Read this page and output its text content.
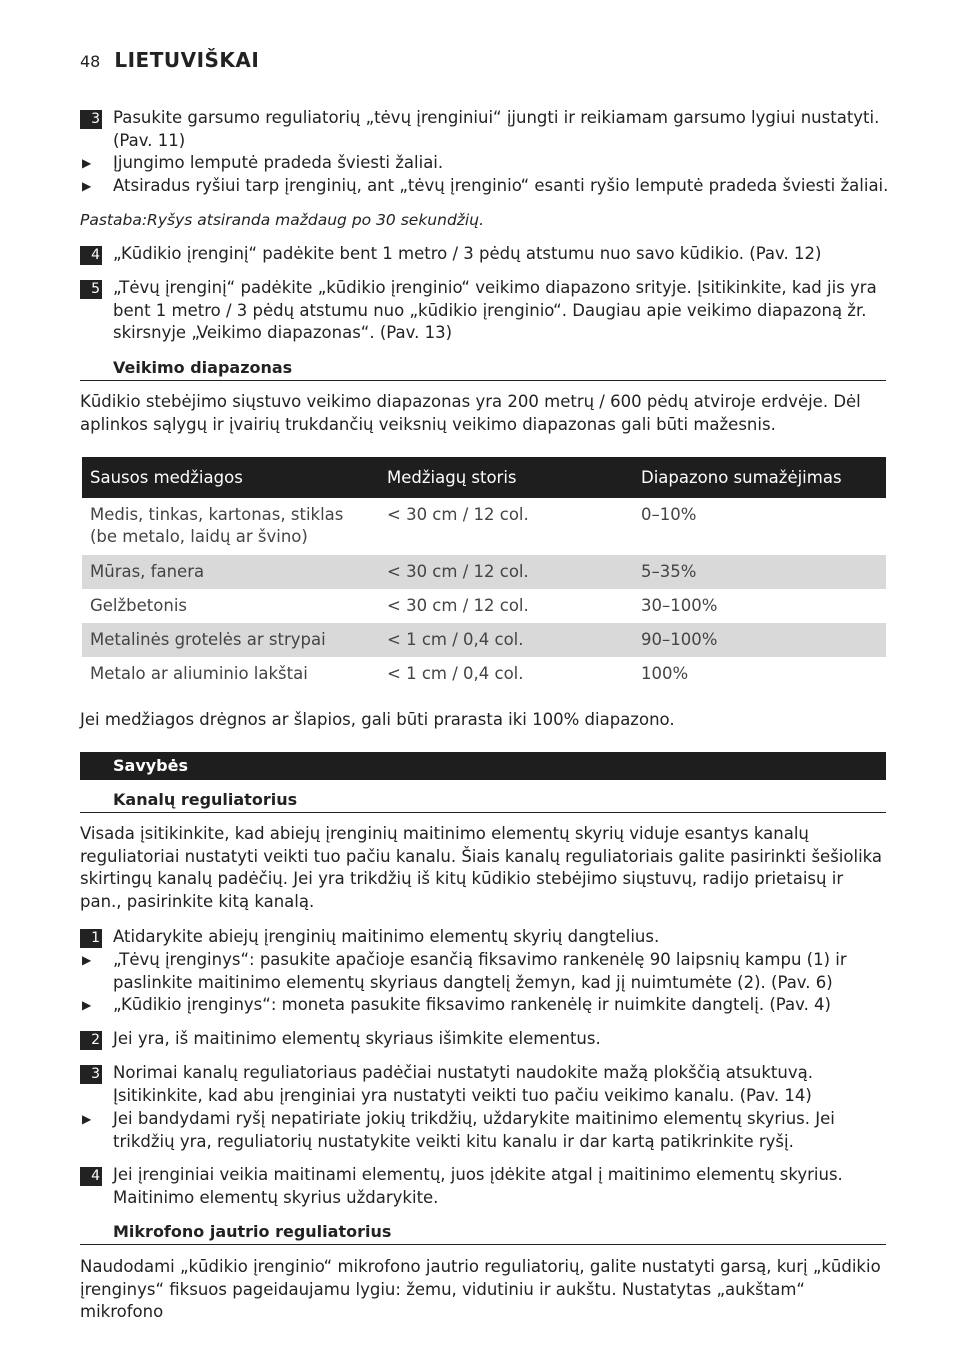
48 LIETUVIŠKAI
3 Pasukite garsumo reguliatorių „tėvų įrenginiui“ įjungti ir reikiamam garsumo lygiui nustatyti. (Pav. 11)
▶ Įjungimo lemputė pradeda šviesti žaliai.
▶ Atsiradus ryšiui tarp įrenginių, ant „tėvų įrenginio“ esanti ryšio lemputė pradeda šviesti žaliai.
Pastaba:Ryšys atsiranda maždaug po 30 sekundžių.
4 „Kūdikio įrenginį“ padėkite bent 1 metro / 3 pėdų atstumu nuo savo kūdikio. (Pav. 12)
5 „Tėvų įrenginį“ padėkite „kūdikio įrenginio“ veikimo diapazono srityje. Įsitikinkite, kad jis yra bent 1 metro / 3 pėdų atstumu nuo „kūdikio įrenginio“. Daugiau apie veikimo diapazoną žr. skirsnyje „Veikimo diapazonas“. (Pav. 13)
Veikimo diapazonas
Kūdikio stebėjimo siųstuvo veikimo diapazonas yra 200 metrų / 600 pėdų atviroje erdvėje. Dėl aplinkos sąlygų ir įvairių trukdančių veiksnių veikimo diapazonas gali būti mažesnis.
Sausos medžiagos	Medžiagų storis	Diapazono sumažėjimas
Medis, tinkas, kartonas, stiklas (be metalo, laidų ar švino)	< 30 cm / 12 col.	0–10%
Mūras, fanera	< 30 cm / 12 col.	5–35%
Gelžbetonis	< 30 cm / 12 col.	30–100%
Metalinės grotelės ar strypai	< 1 cm / 0,4 col.	90–100%
Metalo ar aliuminio lakštai	< 1 cm / 0,4 col.	100%
Jei medžiagos drėgnos ar šlapios, gali būti prarasta iki 100% diapazono.
Savybės
Kanalų reguliatorius
Visada įsitikinkite, kad abiejų įrenginių maitinimo elementų skyrių viduje esantys kanalų reguliatoriai nustatyti veikti tuo pačiu kanalu. Šiais kanalų reguliatoriais galite pasirinkti šešiolika skirtingų kanalų padėčių. Jei yra trikdžių iš kitų kūdikio stebėjimo siųstuvų, radijo prietaisų ir pan., pasirinkite kitą kanalą.
1 Atidarykite abiejų įrenginių maitinimo elementų skyrių dangtelius.
▶ „Tėvų įrenginys“: pasukite apačioje esančią fiksavimo rankenėlę 90 laipsnių kampu (1) ir paslinkite maitinimo elementų skyriaus dangtelį žemyn, kad jį nuimtumėte (2). (Pav. 6)
▶ „Kūdikio įrenginys“: moneta pasukite fiksavimo rankenėlę ir nuimkite dangtelį. (Pav. 4)
2 Jei yra, iš maitinimo elementų skyriaus išimkite elementus.
3 Norimai kanalų reguliatoriaus padėčiai nustatyti naudokite mažą plokščią atsuktuvą. Įsitikinkite, kad abu įrenginiai yra nustatyti veikti tuo pačiu veikimo kanalu. (Pav. 14)
▶ Jei bandydami ryšį nepatiriate jokių trikdžių, uždarykite maitinimo elementų skyrius. Jei trikdžių yra, reguliatorių nustatykite veikti kitu kanalu ir dar kartą patikrinkite ryšį.
4 Jei įrenginiai veikia maitinami elementų, juos įdėkite atgal į maitinimo elementų skyrius. Maitinimo elementų skyrius uždarykite.
Mikrofono jautrio reguliatorius
Naudodami „kūdikio įrenginio“ mikrofono jautrio reguliatorių, galite nustatyti garsą, kurį „kūdikio įrenginys“ fiksuos pageidaujamu lygiu: žemu, vidutiniu ir aukštu. Nustatytas „aukštam“ mikrofono
